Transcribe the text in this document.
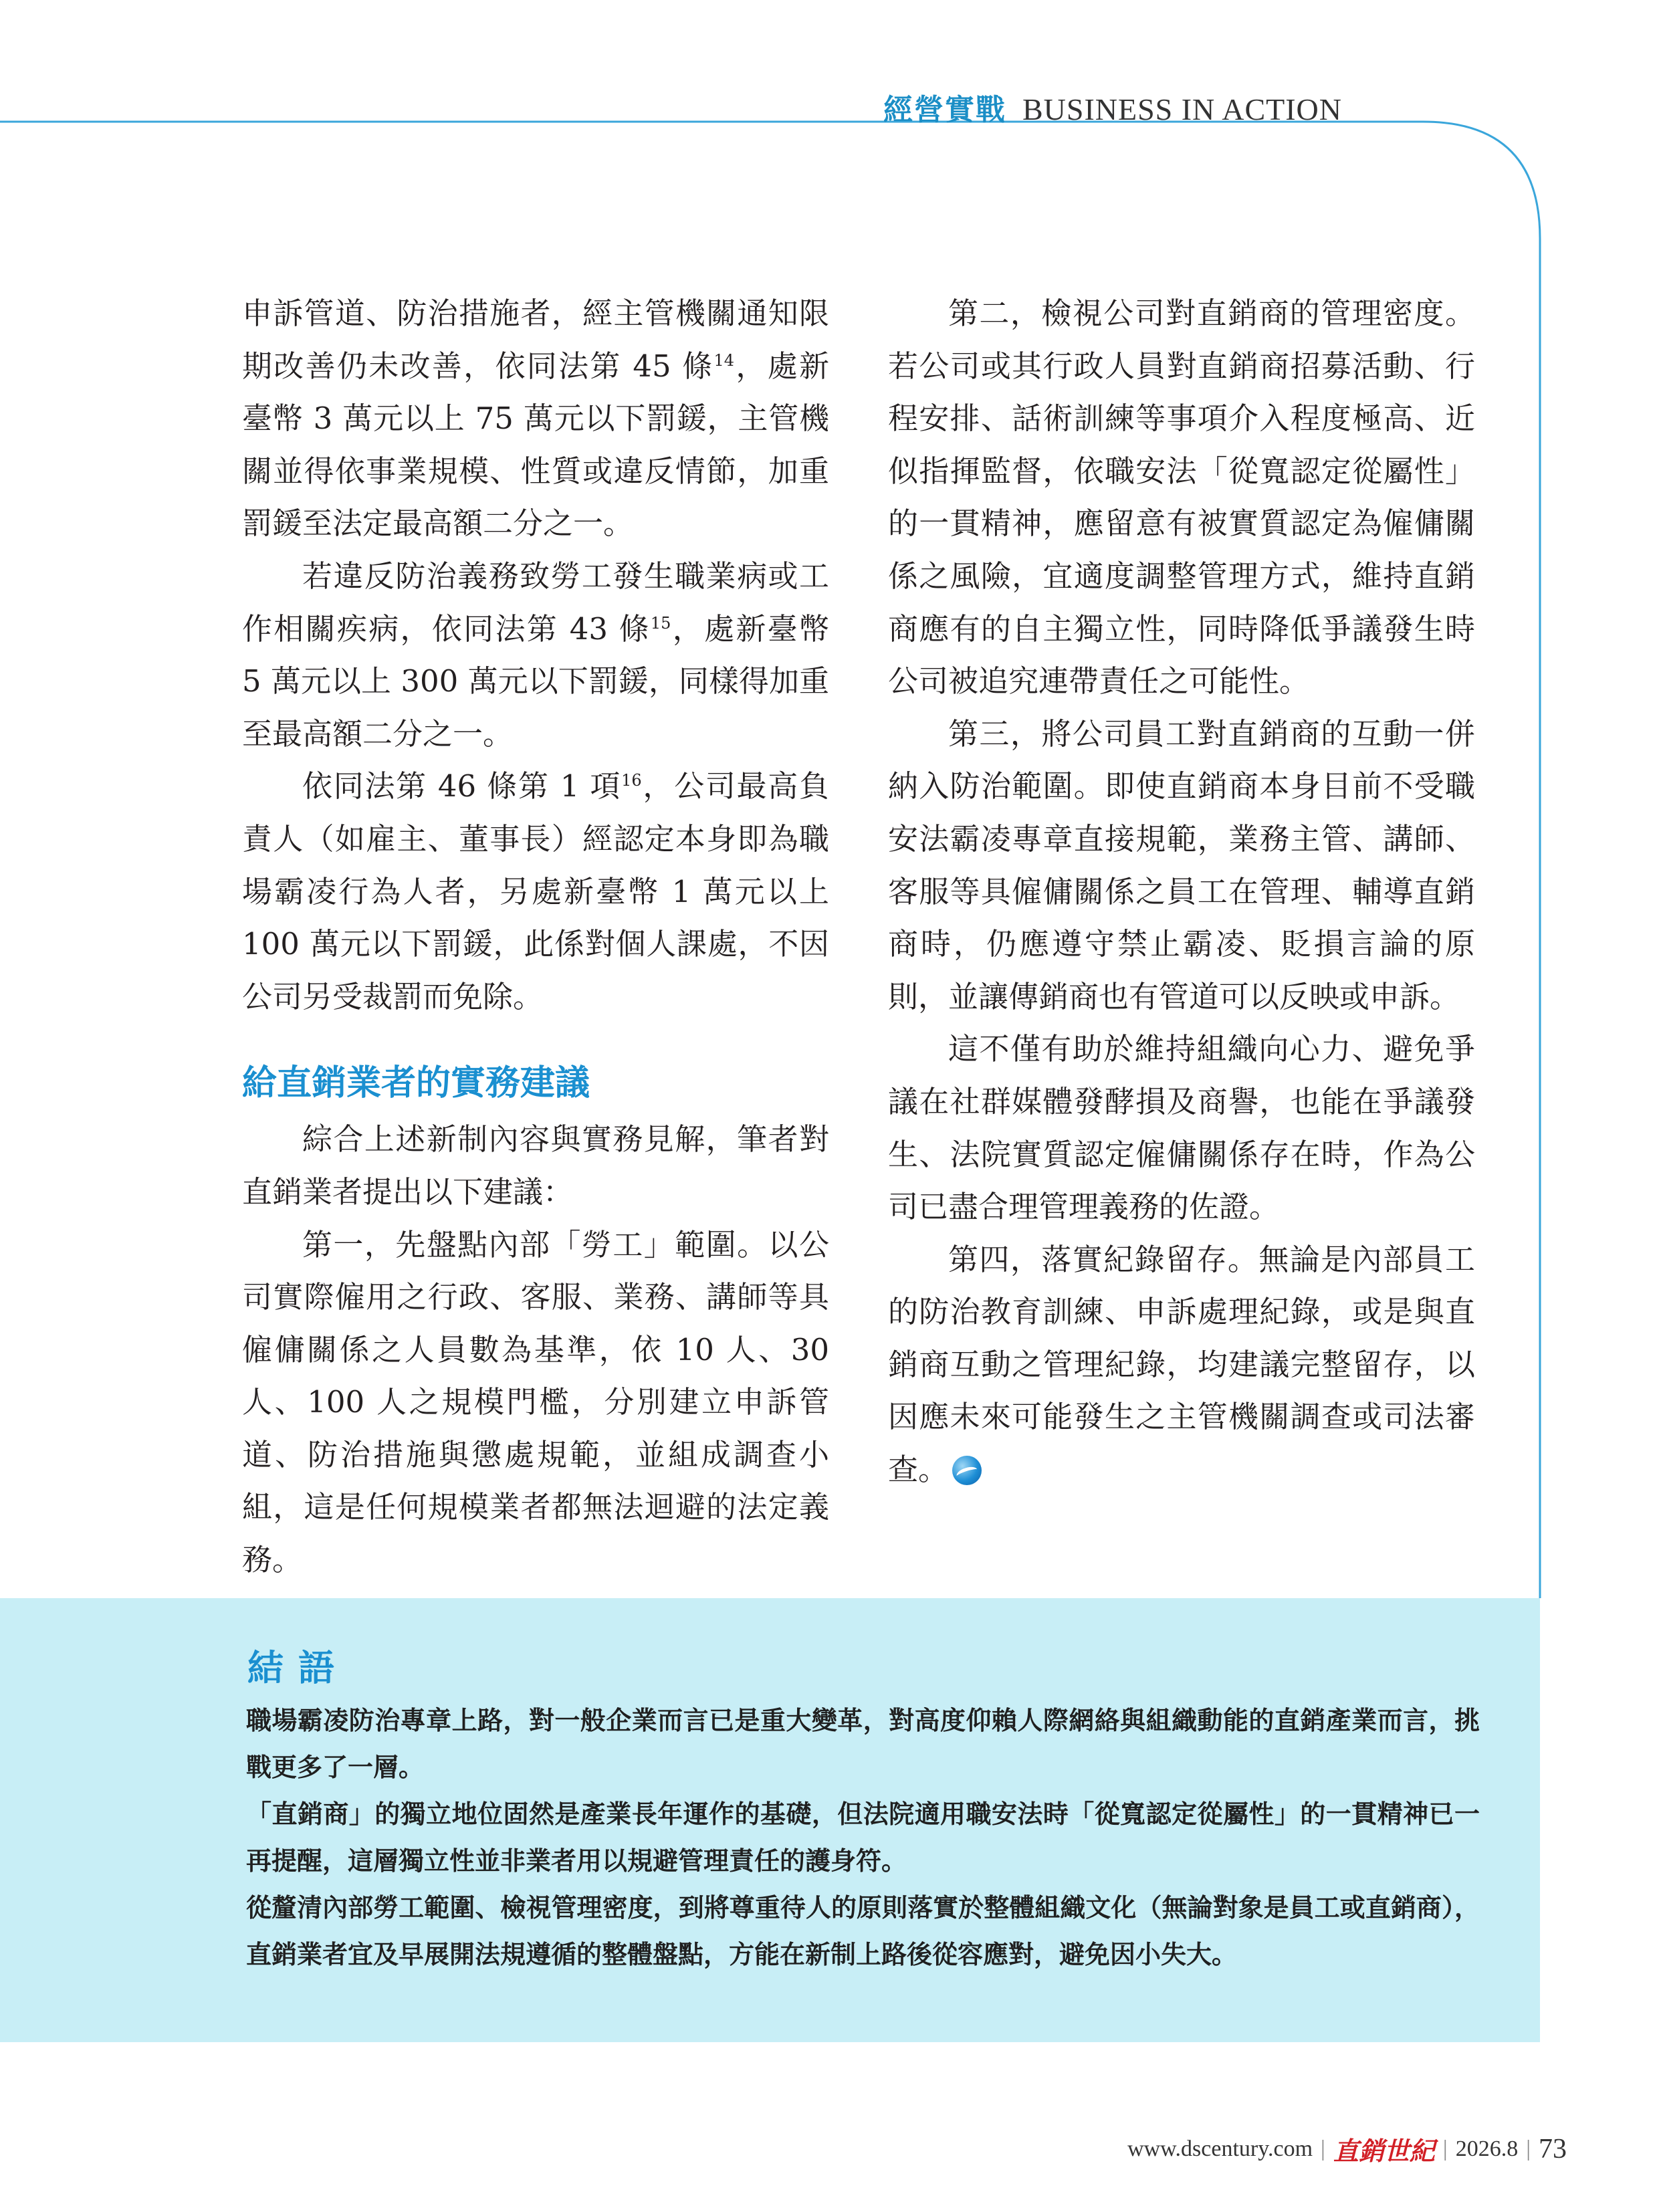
經營實戰 BUSINESS IN ACTION

申訴管道、防治措施者，經主管機關通知限期改善仍未改善，依同法第 45 條$^{14}$，處新臺幣 3 萬元以上 75 萬元以下罰鍰，主管機關並得依事業規模、性質或違反情節，加重罰鍰至法定最高額二分之一。

若違反防治義務致勞工發生職業病或工作相關疾病，依同法第 43 條$^{15}$，處新臺幣 5 萬元以上 300 萬元以下罰鍰，同樣得加重至最高額二分之一。

依同法第 46 條第 1 項$^{16}$，公司最高負責人（如雇主、董事長）經認定本身即為職場霸凌行為人者，另處新臺幣 1 萬元以上 100 萬元以下罰鍰，此係對個人課處，不因公司另受裁罰而免除。

給直銷業者的實務建議

綜合上述新制內容與實務見解，筆者對直銷業者提出以下建議：

第一，先盤點內部「勞工」範圍。以公司實際僱用之行政、客服、業務、講師等具僱傭關係之人員數為基準，依 10 人、30 人、100 人之規模門檻，分別建立申訴管道、防治措施與懲處規範，並組成調查小組，這是任何規模業者都無法迴避的法定義務。

第二，檢視公司對直銷商的管理密度。若公司或其行政人員對直銷商招募活動、行程安排、話術訓練等事項介入程度極高、近似指揮監督，依職安法「從寬認定從屬性」的一貫精神，應留意有被實質認定為僱傭關係之風險，宜適度調整管理方式，維持直銷商應有的自主獨立性，同時降低爭議發生時公司被追究連帶責任之可能性。

第三，將公司員工對直銷商的互動一併納入防治範圍。即使直銷商本身目前不受職安法霸凌專章直接規範，業務主管、講師、客服等具僱傭關係之員工在管理、輔導直銷商時，仍應遵守禁止霸凌、貶損言論的原則，並讓傳銷商也有管道可以反映或申訴。

這不僅有助於維持組織向心力、避免爭議在社群媒體發酵損及商譽，也能在爭議發生、法院實質認定僱傭關係存在時，作為公司已盡合理管理義務的佐證。

第四，落實紀錄留存。無論是內部員工的防治教育訓練、申訴處理紀錄，或是與直銷商互動之管理紀錄，均建議完整留存，以因應未來可能發生之主管機關調查或司法審查。

結語

職場霸凌防治專章上路，對一般企業而言已是重大變革，對高度仰賴人際網絡與組織動能的直銷產業而言，挑戰更多了一層。

「直銷商」的獨立地位固然是產業長年運作的基礎，但法院適用職安法時「從寬認定從屬性」的一貫精神已一再提醒，這層獨立性並非業者用以規避管理責任的護身符。

從釐清內部勞工範圍、檢視管理密度，到將尊重待人的原則落實於整體組織文化（無論對象是員工或直銷商），直銷業者宜及早展開法規遵循的整體盤點，方能在新制上路後從容應對，避免因小失大。

www.dscentury.com | 直銷世紀 | 2026.8 | 73
